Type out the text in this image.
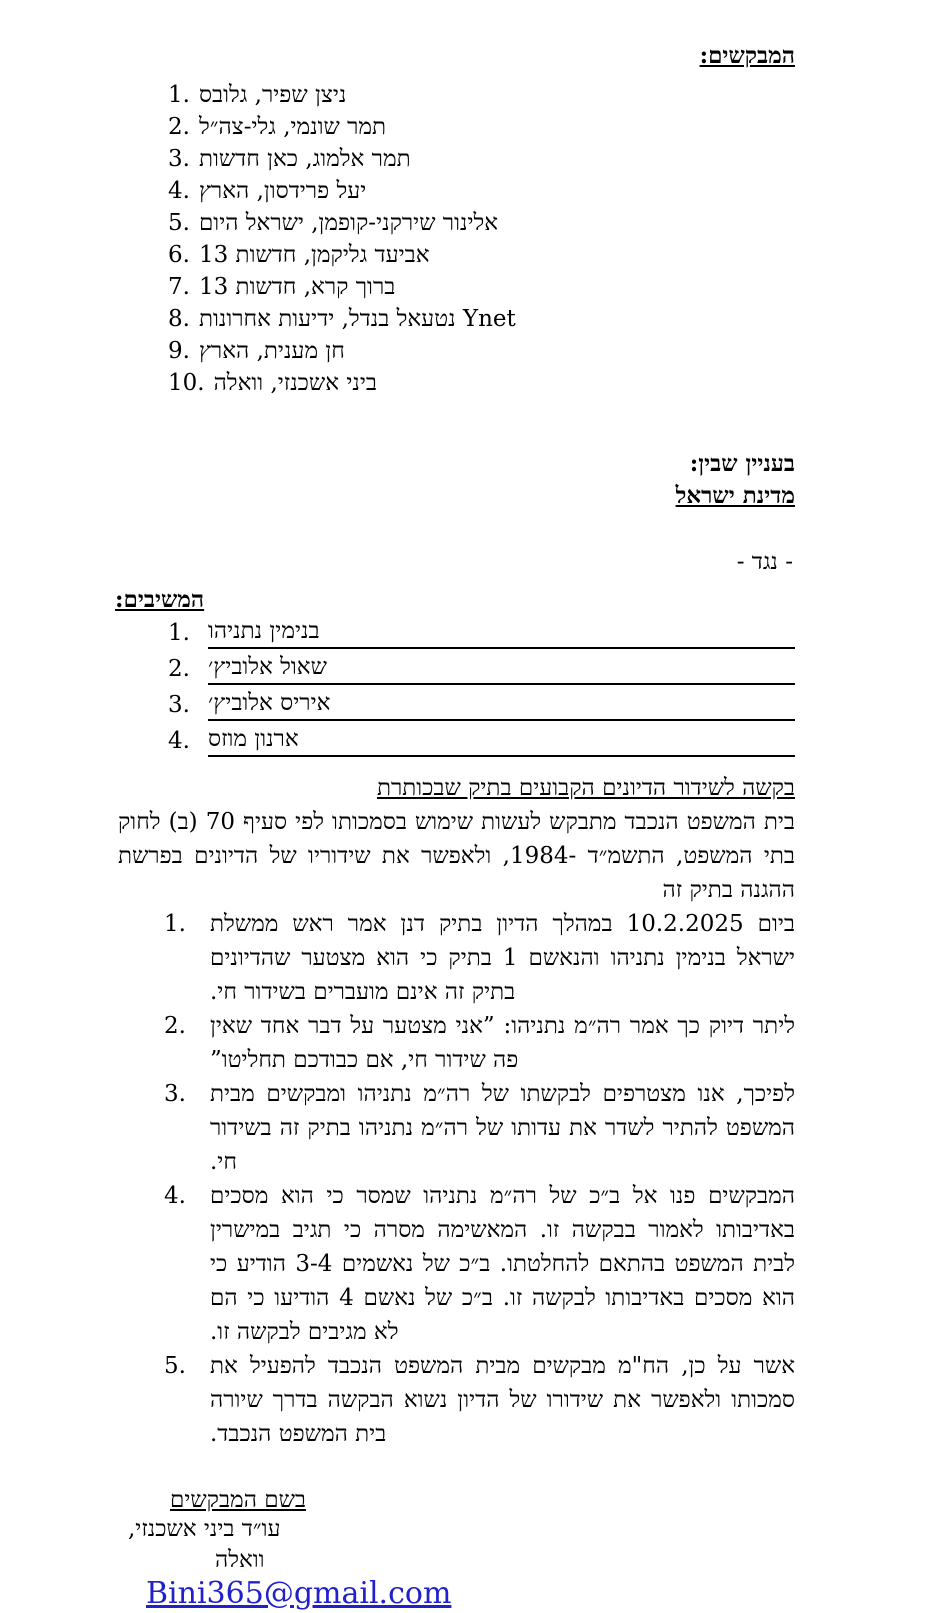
המבקשים:
1. ניצן שפיר, גלובס
2. תמר שונמי, גלי-צה״ל
3. תמר אלמוג, כאן חדשות
4. יעל פרידסון, הארץ
5. אלינור שירקני-קופמן, ישראל היום
6. אביעד גליקמן, חדשות 13
7. ברוך קרא, חדשות 13
8. נטעאל בנדל, ידיעות אחרונות Ynet
9. חן מענית, הארץ
10. ביני אשכנזי, וואלה
בעניין שבין:
מדינת ישראל
- נגד -
המשיבים:
1. בנימין נתניהו
2. שאול אלוביץ׳
3. איריס אלוביץ׳
4. ארנון מוזס
בקשה לשידור הדיונים הקבועים בתיק שבכותרת
בית המשפט הנכבד מתבקש לעשות שימוש בסמכותו לפי סעיף 70 (ב) לחוק בתי המשפט, התשמ״ד -1984, ולאפשר את שידוריו של הדיונים בפרשת ההגנה בתיק זה
1. ביום 10.2.2025 במהלך הדיון בתיק דנן אמר ראש ממשלת ישראל בנימין נתניהו והנאשם 1 בתיק כי הוא מצטער שהדיונים בתיק זה אינם מועברים בשידור חי.
2. ליתר דיוק כך אמר רה״מ נתניהו: ”אני מצטער על דבר אחד שאין פה שידור חי, אם כבודכם תחליטו”
3. לפיכך, אנו מצטרפים לבקשתו של רה״מ נתניהו ומבקשים מבית המשפט להתיר לשדר את עדותו של רה״מ נתניהו בתיק זה בשידור חי.
4. המבקשים פנו אל ב״כ של רה״מ נתניהו שמסר כי הוא מסכים באדיבותו לאמור בבקשה זו. המאשימה מסרה כי תגיב במישרין לבית המשפט בהתאם להחלטתו. ב״כ של נאשמים 3-4 הודיע כי הוא מסכים באדיבותו לבקשה זו. ב״כ של נאשם 4 הודיעו כי הם לא מגיבים לבקשה זו.
5. אשר על כן, הח"מ מבקשים מבית המשפט הנכבד להפעיל את סמכותו ולאפשר את שידורו של הדיון נשוא הבקשה בדרך שיורה בית המשפט הנכבד.
בשם המבקשים
עו״ד ביני אשכנזי,
וואלה
Bini365@gmail.com
